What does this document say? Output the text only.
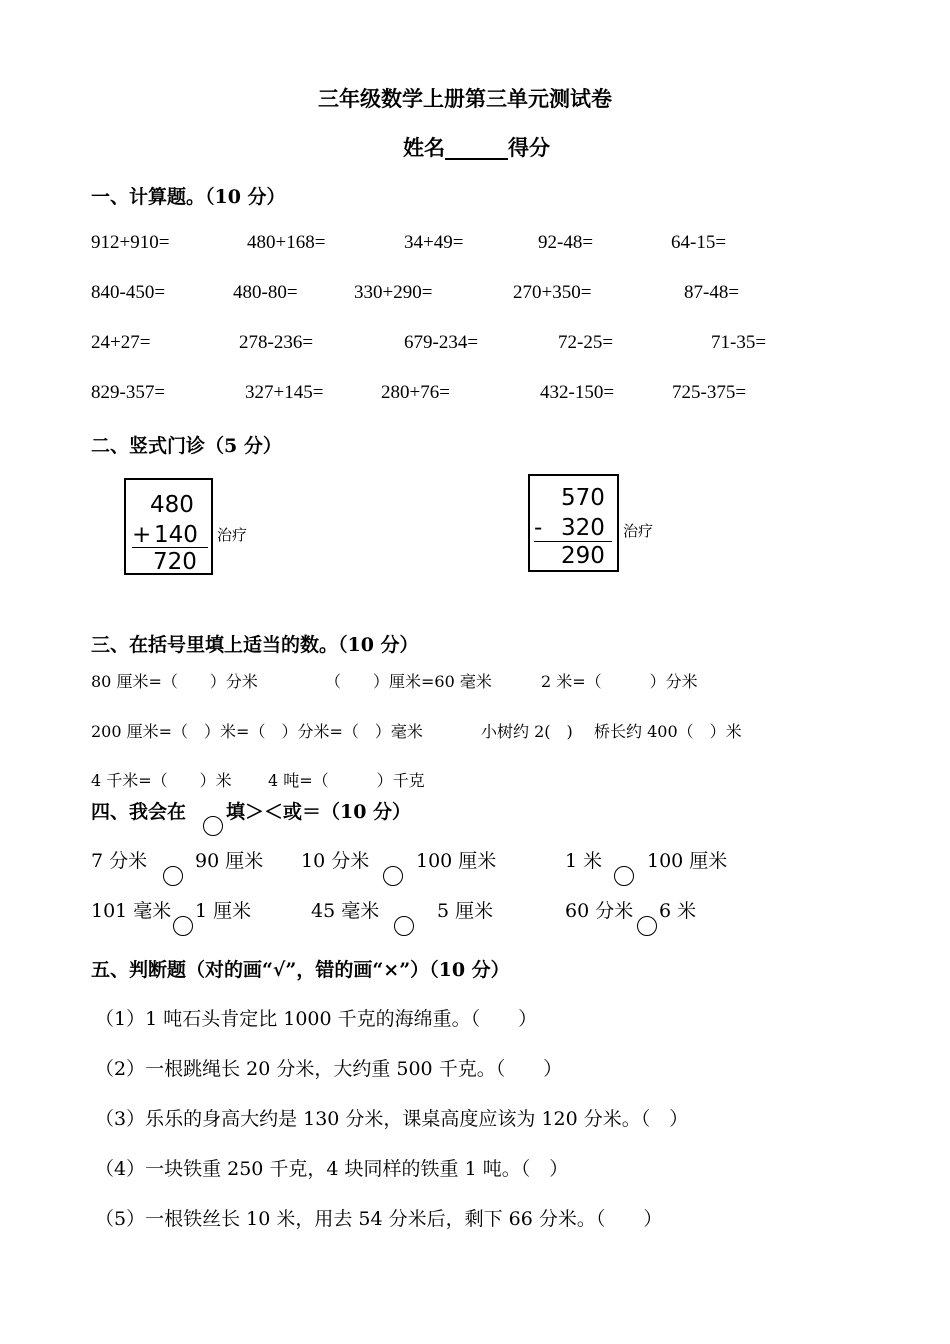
三年级数学上册第三单元测试卷
姓名______得分
一、计算题。（10 分）
912+910=	480+168=	34+49=	92-48=	64-15=
840-450=	480-80=	330+290=	270+350=	87-48=
24+27=	278-236=	679-234=	72-25=	71-35=
829-357=	327+145=	280+76=	432-150=	725-375=
二、竖式门诊（5 分）
480
+ 140
720
治疗
570
- 320
290
治疗
三、在括号里填上适当的数。（10 分）
80 厘米=（　　）分米	（　　）厘米=60 毫米	2 米=（　　　）分米
200 厘米=（　）米=（　）分米=（　）毫米	小树约 2(　) 桥长约 400（　）米
4 千米=（　　）米 4 吨=（　　　）千克
四、我会在 填＞＜或＝（10 分）
7 分米	90 厘米 10 分米 100 厘米	1 米 100 厘米
101 毫米 1 厘米	45 毫米	5 厘米	60 分米 6 米
五、判断题（对的画“√”，错的画“×”）（10 分）
（1）1 吨石头肯定比 1000 千克的海绵重。（　　）
（2）一根跳绳长 20 分米，大约重 500 千克。（　　）
（3）乐乐的身高大约是 130 分米，课桌高度应该为 120 分米。（　）
（4）一块铁重 250 千克，4 块同样的铁重 1 吨。（　）
（5）一根铁丝长 10 米，用去 54 分米后，剩下 66 分米。（　　）
